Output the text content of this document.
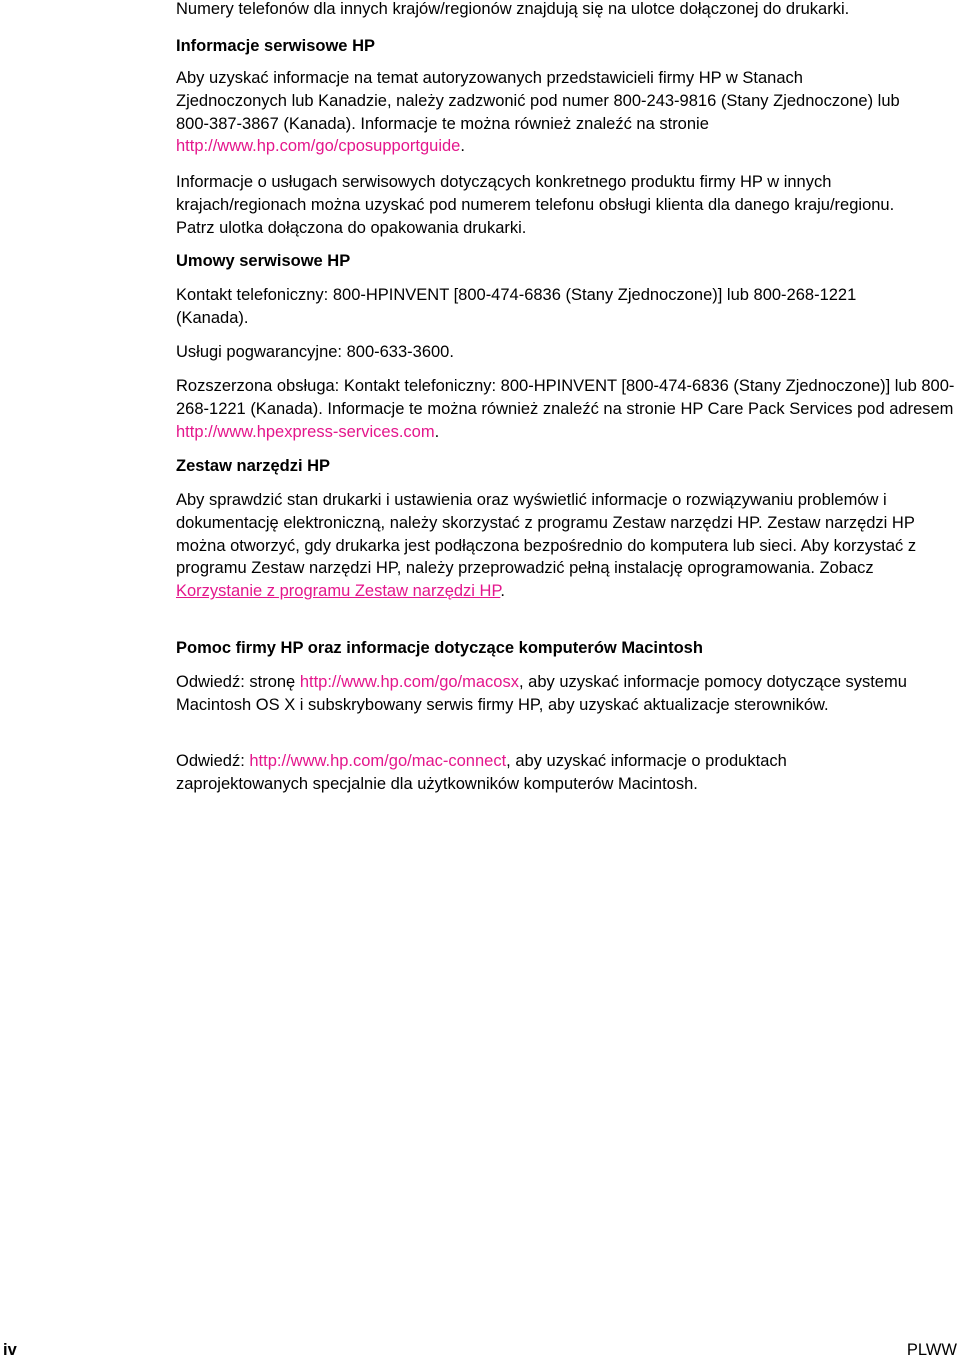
Numery telefonów dla innych krajów/regionów znajdują się na ulotce dołączonej do drukarki.

Informacje serwisowe HP

Aby uzyskać informacje na temat autoryzowanych przedstawicieli firmy HP w Stanach Zjednoczonych lub Kanadzie, należy zadzwonić pod numer 800-243-9816 (Stany Zjednoczone) lub 800-387-3867 (Kanada). Informacje te można również znaleźć na stronie http://www.hp.com/go/cposupportguide.

Informacje o usługach serwisowych dotyczących konkretnego produktu firmy HP w innych krajach/regionach można uzyskać pod numerem telefonu obsługi klienta dla danego kraju/regionu. Patrz ulotka dołączona do opakowania drukarki.

Umowy serwisowe HP

Kontakt telefoniczny: 800-HPINVENT [800-474-6836 (Stany Zjednoczone)] lub 800-268-1221 (Kanada).

Usługi pogwarancyjne: 800-633-3600.

Rozszerzona obsługa: Kontakt telefoniczny: 800-HPINVENT [800-474-6836 (Stany Zjednoczone)] lub 800-268-1221 (Kanada). Informacje te można również znaleźć na stronie HP Care Pack Services pod adresem http://www.hpexpress-services.com.

Zestaw narzędzi HP

Aby sprawdzić stan drukarki i ustawienia oraz wyświetlić informacje o rozwiązywaniu problemów i dokumentację elektroniczną, należy skorzystać z programu Zestaw narzędzi HP. Zestaw narzędzi HP można otworzyć, gdy drukarka jest podłączona bezpośrednio do komputera lub sieci. Aby korzystać z programu Zestaw narzędzi HP, należy przeprowadzić pełną instalację oprogramowania. Zobacz Korzystanie z programu Zestaw narzędzi HP.

Pomoc firmy HP oraz informacje dotyczące komputerów Macintosh

Odwiedź: stronę http://www.hp.com/go/macosx, aby uzyskać informacje pomocy dotyczące systemu Macintosh OS X i subskrybowany serwis firmy HP, aby uzyskać aktualizacje sterowników.

Odwiedź: http://www.hp.com/go/mac-connect, aby uzyskać informacje o produktach zaprojektowanych specjalnie dla użytkowników komputerów Macintosh.

iv	PLWW
